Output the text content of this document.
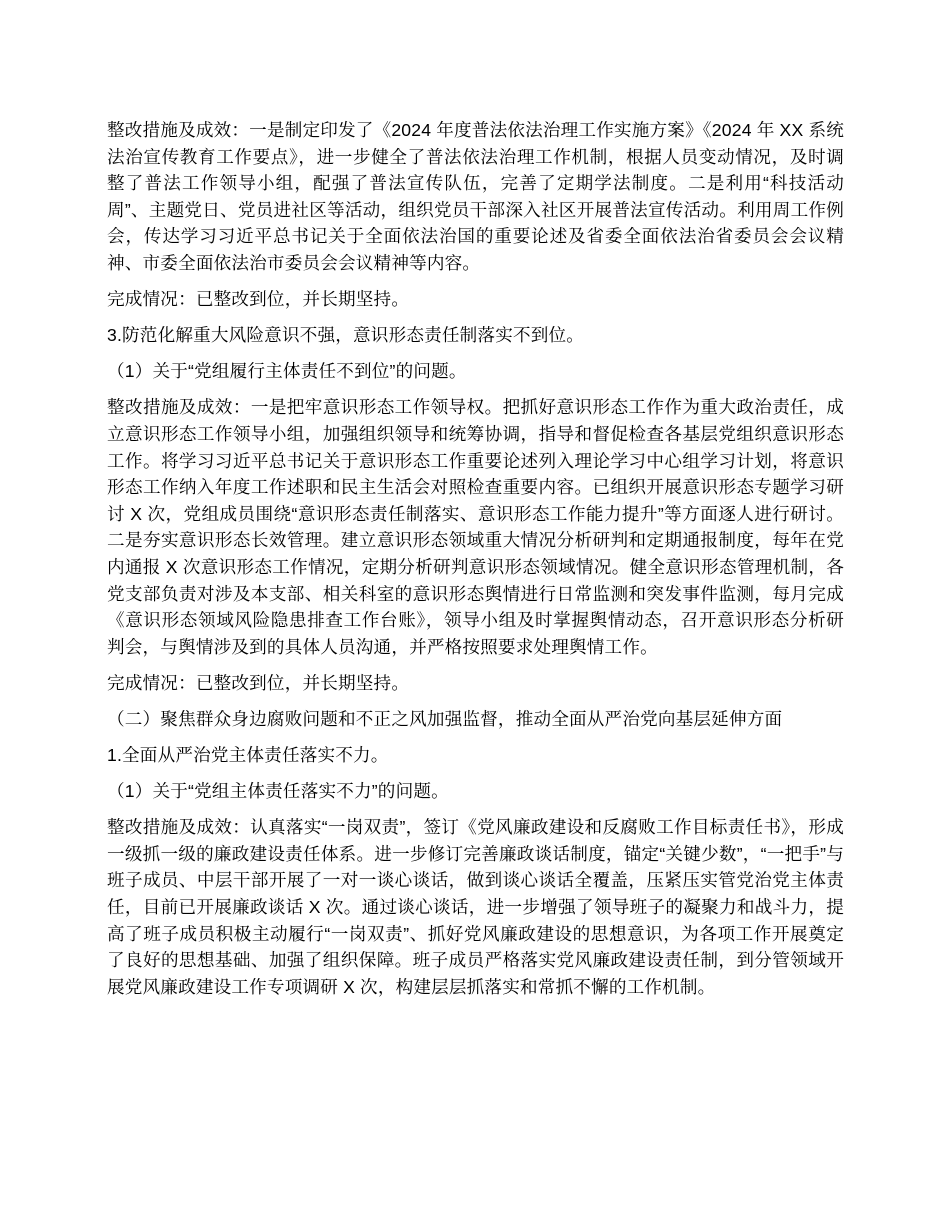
整改措施及成效：一是制定印发了《2024 年度普法依法治理工作实施方案》《2024 年 XX 系统法治宣传教育工作要点》，进一步健全了普法依法治理工作机制，根据人员变动情况，及时调整了普法工作领导小组，配强了普法宣传队伍，完善了定期学法制度。二是利用“科技活动周”、主题党日、党员进社区等活动，组织党员干部深入社区开展普法宣传活动。利用周工作例会，传达学习习近平总书记关于全面依法治国的重要论述及省委全面依法治省委员会会议精神、市委全面依法治市委员会会议精神等内容。

完成情况：已整改到位，并长期坚持。

3.防范化解重大风险意识不强，意识形态责任制落实不到位。

（1）关于“党组履行主体责任不到位”的问题。

整改措施及成效：一是把牢意识形态工作领导权。把抓好意识形态工作作为重大政治责任，成立意识形态工作领导小组，加强组织领导和统筹协调，指导和督促检查各基层党组织意识形态工作。将学习习近平总书记关于意识形态工作重要论述列入理论学习中心组学习计划，将意识形态工作纳入年度工作述职和民主生活会对照检查重要内容。已组织开展意识形态专题学习研讨 X 次，党组成员围绕“意识形态责任制落实、意识形态工作能力提升”等方面逐人进行研讨。二是夯实意识形态长效管理。建立意识形态领域重大情况分析研判和定期通报制度，每年在党内通报 X 次意识形态工作情况，定期分析研判意识形态领域情况。健全意识形态管理机制，各党支部负责对涉及本支部、相关科室的意识形态舆情进行日常监测和突发事件监测，每月完成《意识形态领域风险隐患排查工作台账》，领导小组及时掌握舆情动态，召开意识形态分析研判会，与舆情涉及到的具体人员沟通，并严格按照要求处理舆情工作。

完成情况：已整改到位，并长期坚持。

（二）聚焦群众身边腐败问题和不正之风加强监督，推动全面从严治党向基层延伸方面

1.全面从严治党主体责任落实不力。

（1）关于“党组主体责任落实不力”的问题。

整改措施及成效：认真落实“一岗双责”，签订《党风廉政建设和反腐败工作目标责任书》，形成一级抓一级的廉政建设责任体系。进一步修订完善廉政谈话制度，锚定“关键少数”，“一把手”与班子成员、中层干部开展了一对一谈心谈话，做到谈心谈话全覆盖，压紧压实管党治党主体责任，目前已开展廉政谈话 X 次。通过谈心谈话，进一步增强了领导班子的凝聚力和战斗力，提高了班子成员积极主动履行“一岗双责”、抓好党风廉政建设的思想意识，为各项工作开展奠定了良好的思想基础、加强了组织保障。班子成员严格落实党风廉政建设责任制，到分管领域开展党风廉政建设工作专项调研 X 次，构建层层抓落实和常抓不懈的工作机制。
